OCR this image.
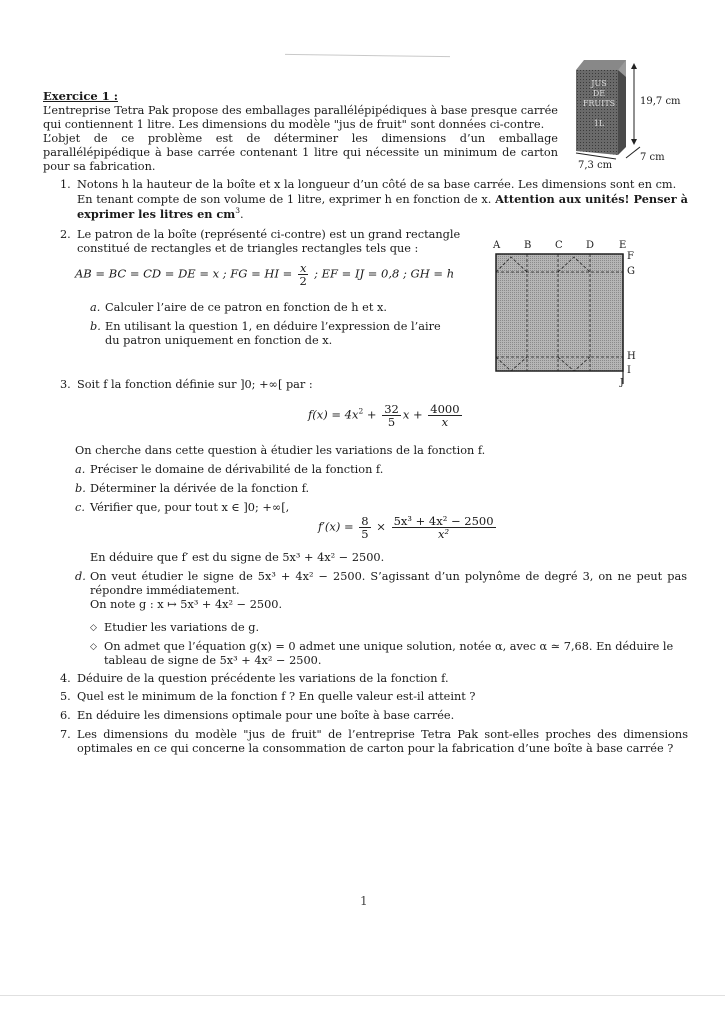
Exercice 1 :

L’entreprise Tetra Pak propose des emballages parallélépipédiques à base presque carrée qui contiennent 1 litre. Les dimensions du modèle "jus de fruit" sont données ci-contre.

L’objet de ce problème est de déterminer les dimensions d’un emballage parallélépipédique à base carrée contenant 1 litre qui nécessite un minimum de carton pour sa fabrication.

JUS
DE
FRUITS
1L
19,7 cm
7,3 cm
7 cm
1. Notons h la hauteur de la boîte et x la longueur d’un côté de sa base carrée. Les dimensions sont en cm.
En tenant compte de son volume de 1 litre, exprimer h en fonction de x. Attention aux unités! Penser à exprimer les litres en $cm^3$.
2. Le patron de la boîte (représenté ci-contre) est un grand rectangle constitué de rectangles et de triangles rectangles tels que :
AB = BC = CD = DE = x ; FG = HI = $\frac{x}{2}$ ; EF = IJ = 0,8 ; GH = h
a. Calculer l’aire de ce patron en fonction de h et x.
b. En utilisant la question 1, en déduire l’expression de l’aire du patron uniquement en fonction de x.
A B C D E
F
G
H
I
J
3. Soit f la fonction définie sur ]0; +∞[ par :
$f(x) = 4x^2 + \frac{32}{5}$ $x + \frac{4000}{x}$
On cherche dans cette question à étudier les variations de la fonction f.
a. Préciser le domaine de dérivabilité de la fonction f.
b. Déterminer la dérivée de la fonction f.
c. Vérifier que, pour tout x ∈ ]0; +∞[,
$f'(x) = \frac{8}{5} \times \frac{\text{5x³ + 4x² − 2500}}{\text{x²}}$
En déduire que f′ est du signe de 5x³ + 4x² − 2500.
d. On veut étudier le signe de 5x³ + 4x² − 2500. S’agissant d’un polynôme de degré 3, on ne peut pas répondre immédiatement.
On note g : x ↦ 5x³ + 4x² − 2500.
◇ Etudier les variations de g.
◇ On admet que l’équation g(x) = 0 admet une unique solution, notée α, avec α ≃ 7,68. En déduire le tableau de signe de 5x³ + 4x² − 2500.
4. Déduire de la question précédente les variations de la fonction f.
5. Quel est le minimum de la fonction f ? En quelle valeur est-il atteint ?
6. En déduire les dimensions optimale pour une boîte à base carrée.
7. Les dimensions du modèle "jus de fruit" de l’entreprise Tetra Pak sont-elles proches des dimensions optimales en ce qui concerne la consommation de carton pour la fabrication d’une boîte à base carrée ?
1
